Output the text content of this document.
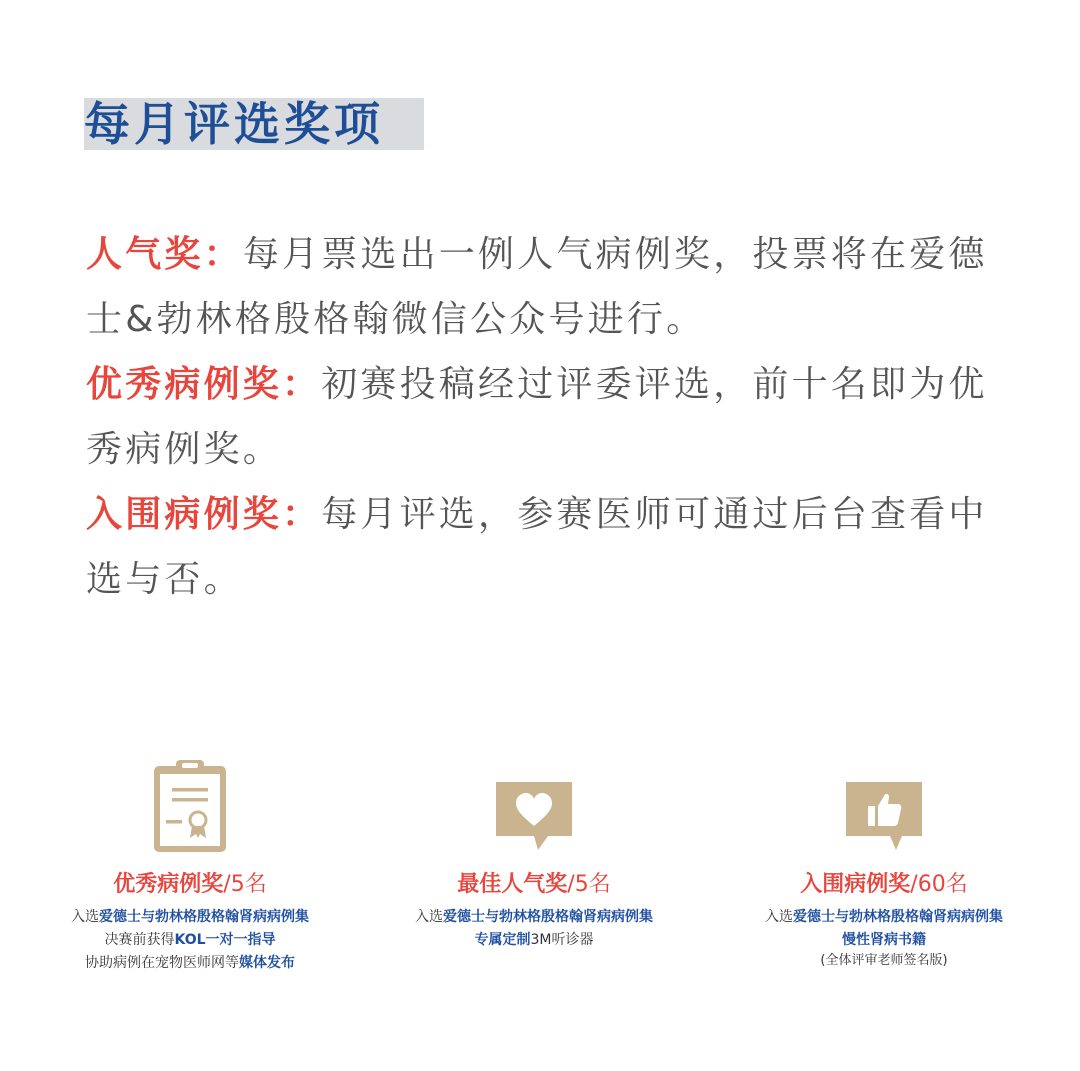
每月评选奖项

人气奖：每月票选出一例人气病例奖，投票将在爱德士&勃林格殷格翰微信公众号进行。

优秀病例奖：初赛投稿经过评委评选，前十名即为优秀病例奖。

入围病例奖：每月评选，参赛医师可通过后台查看中选与否。

优秀病例奖/5名
入选爱德士与勃林格殷格翰肾病病例集
决赛前获得KOL一对一指导
协助病例在宠物医师网等媒体发布
最佳人气奖/5名
入选爱德士与勃林格殷格翰肾病病例集
专属定制3M听诊器
入围病例奖/60名
入选爱德士与勃林格殷格翰肾病病例集
慢性肾病书籍
(全体评审老师签名版)
